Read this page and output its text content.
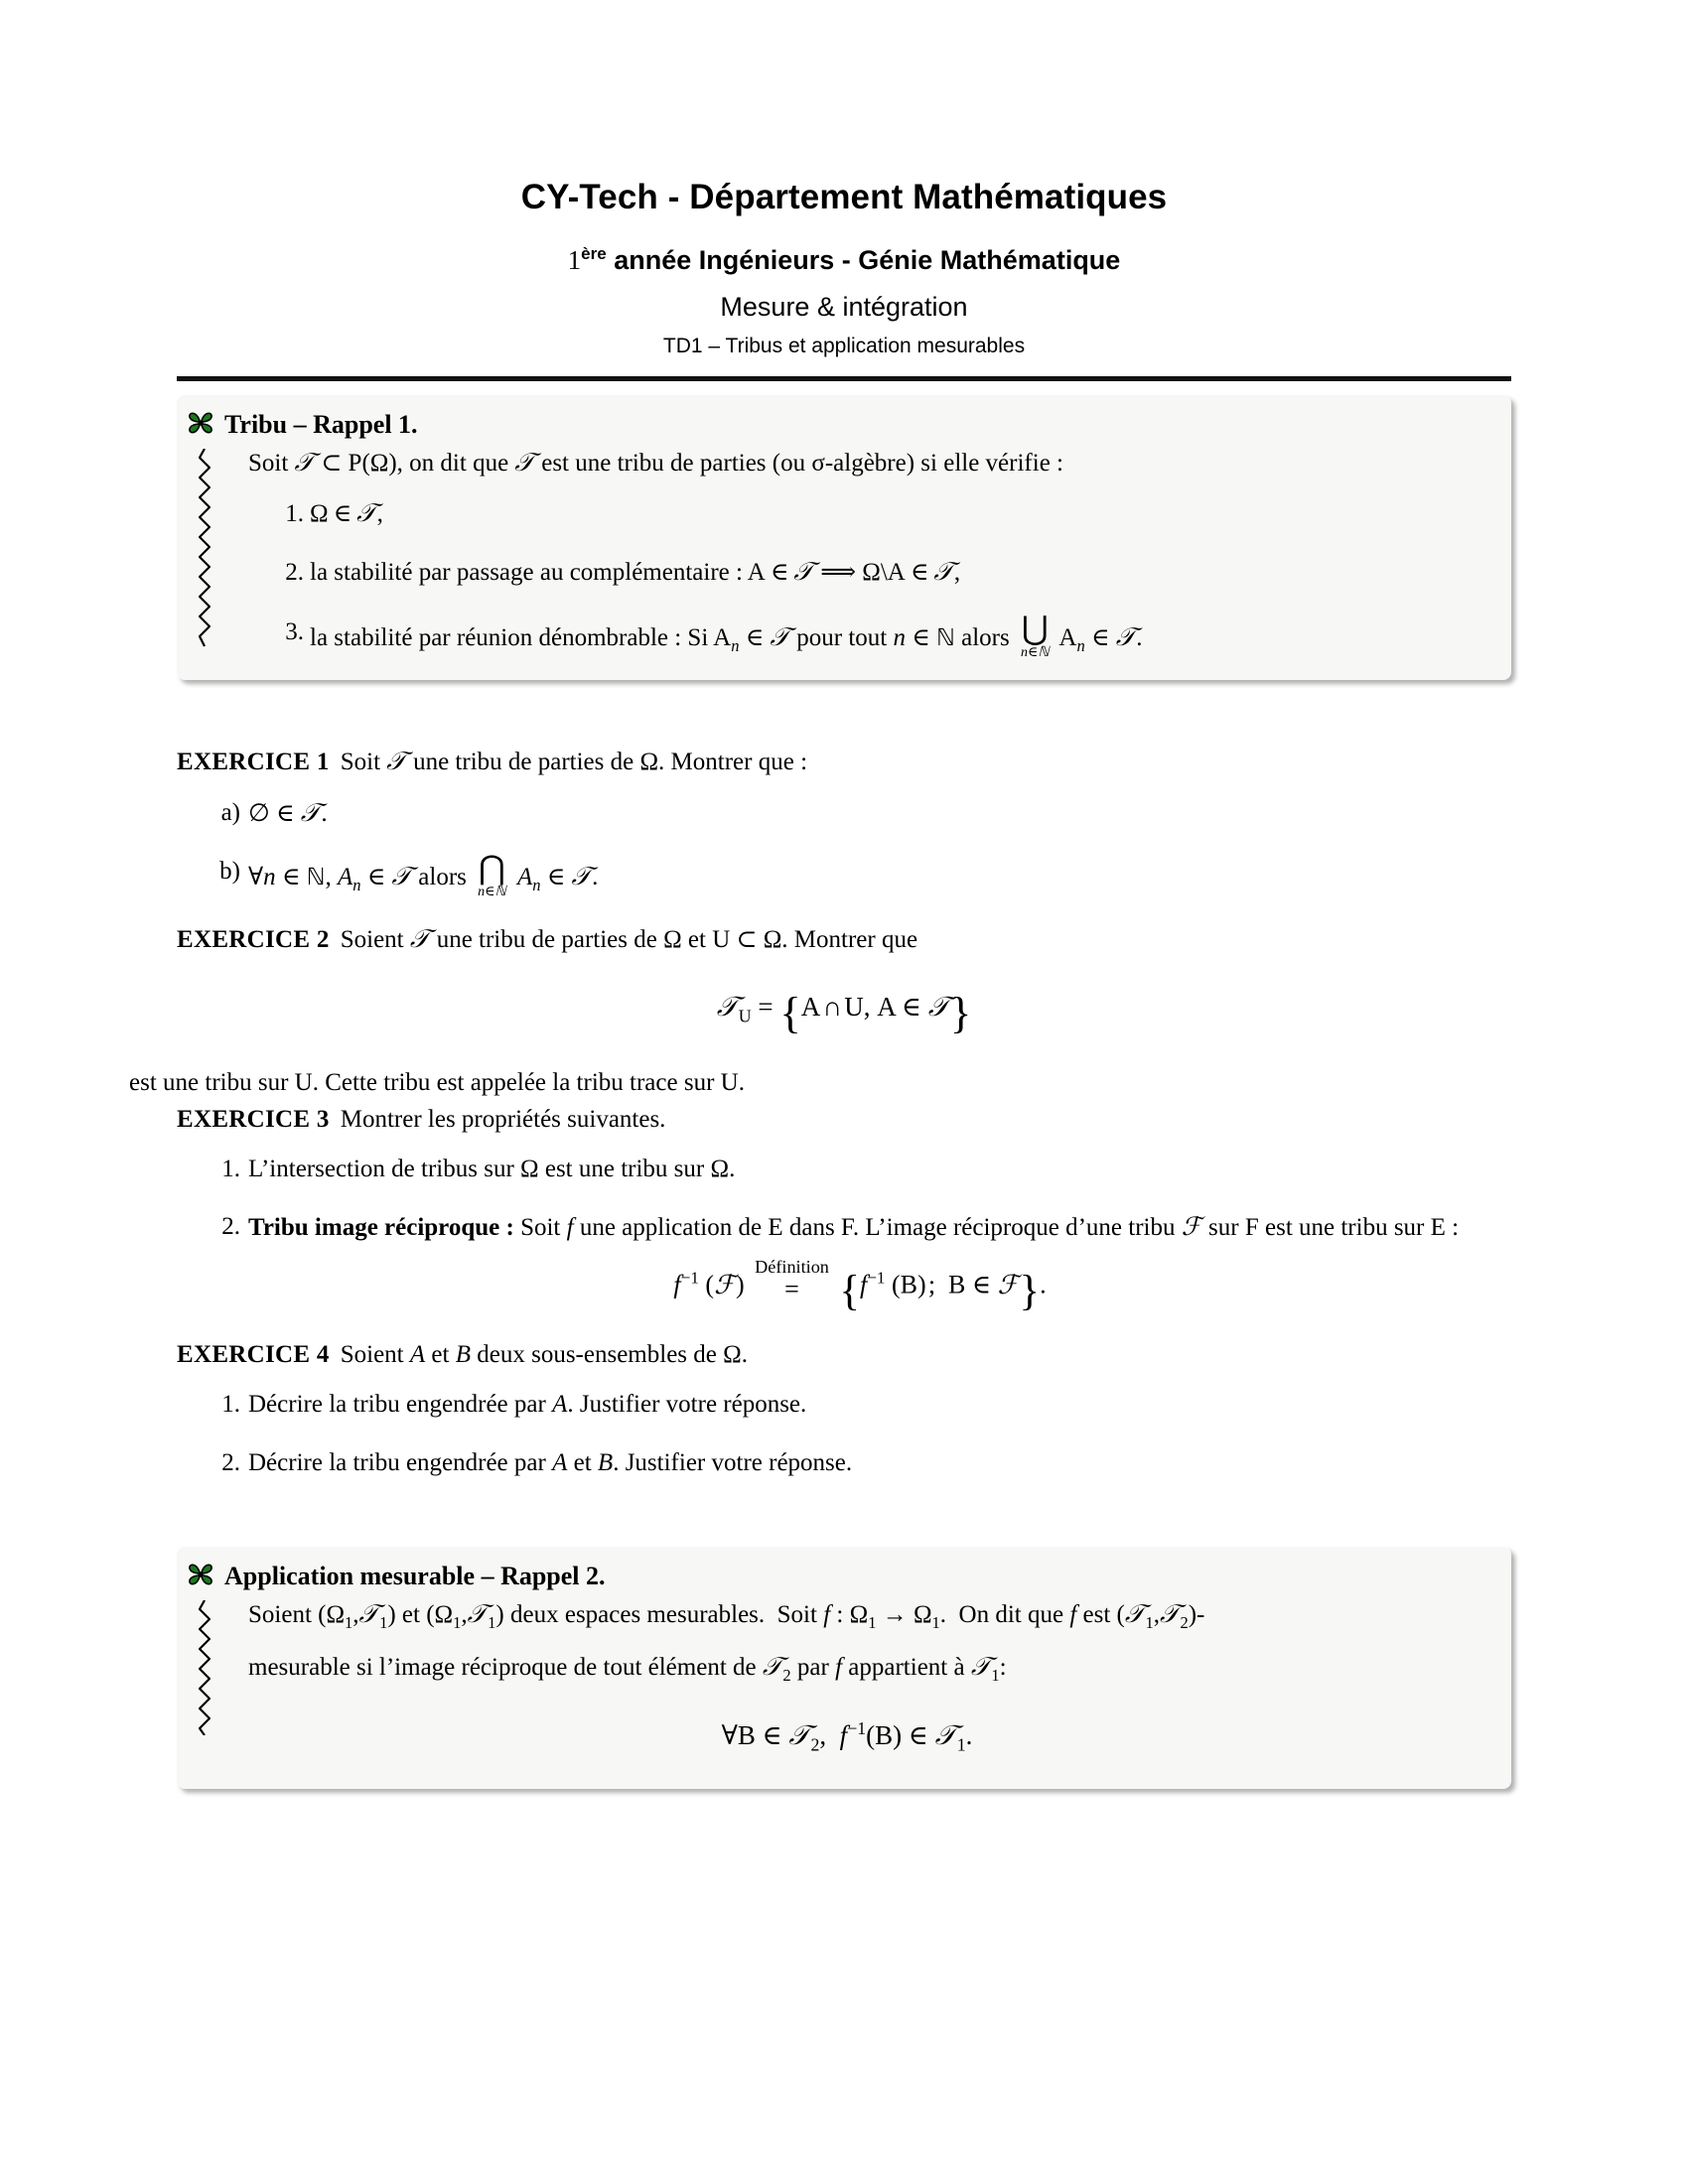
CY-Tech - Département Mathématiques
1ère année Ingénieurs - Génie Mathématique
Mesure & intégration
TD1 – Tribus et application mesurables
Tribu – Rappel 1.

Soit 𝒯 ⊂ P(Ω), on dit que 𝒯 est une tribu de parties (ou σ-algèbre) si elle vérifie :

Ω ∈ 𝒯,
la stabilité par passage au complémentaire : A ∈ 𝒯 ⟹ Ω\A ∈ 𝒯,
la stabilité par réunion dénombrable : Si $A_n$ ∈ 𝒯 pour tout n ∈ ℕ alors ⋃
n∈ℕ
$A_n$ ∈ 𝒯.

EXERCICE 1 Soit 𝒯 une tribu de parties de Ω. Montrer que :

a) ∅ ∈ 𝒯.
b) ∀n ∈ ℕ, $A_n$ ∈ 𝒯 alors ⋂
n∈ℕ
$A_n$ ∈ 𝒯.

EXERCICE 2 Soient 𝒯 une tribu de parties de Ω et U ⊂ Ω. Montrer que

𝒯$_U$ = {A ∩ U, A ∈ 𝒯}

est une tribu sur U. Cette tribu est appelée la tribu trace sur U.

EXERCICE 3 Montrer les propriétés suivantes.

1. L’intersection de tribus sur Ω est une tribu sur Ω.
2. Tribu image réciproque : Soit f une application de E dans F. L’image réciproque d’une tribu ℱ sur F est une tribu sur E :
$f^{-1}$ (ℱ)
Définition
= {$f^{-1}$ (B) ;  B ∈ ℱ}.

EXERCICE 4 Soient A et B deux sous-ensembles de Ω.

1. Décrire la tribu engendrée par A. Justifier votre réponse.
2. Décrire la tribu engendrée par A et B. Justifier votre réponse.
Application mesurable – Rappel 2.

Soient $(\Omega_1,𝒯_1)$ et $(\Omega_1,𝒯_1)$ deux espaces mesurables.  Soit f : $\Omega_1 \to \Omega_1$.  On dit que f est (𝒯$_1$,𝒯$_2$)-

mesurable si l’image réciproque de tout élément de 𝒯$_2$ par f appartient à 𝒯$_1$:

∀B ∈ 𝒯$_2$,  $f^{-1}(B)$ ∈ 𝒯$_1$.
